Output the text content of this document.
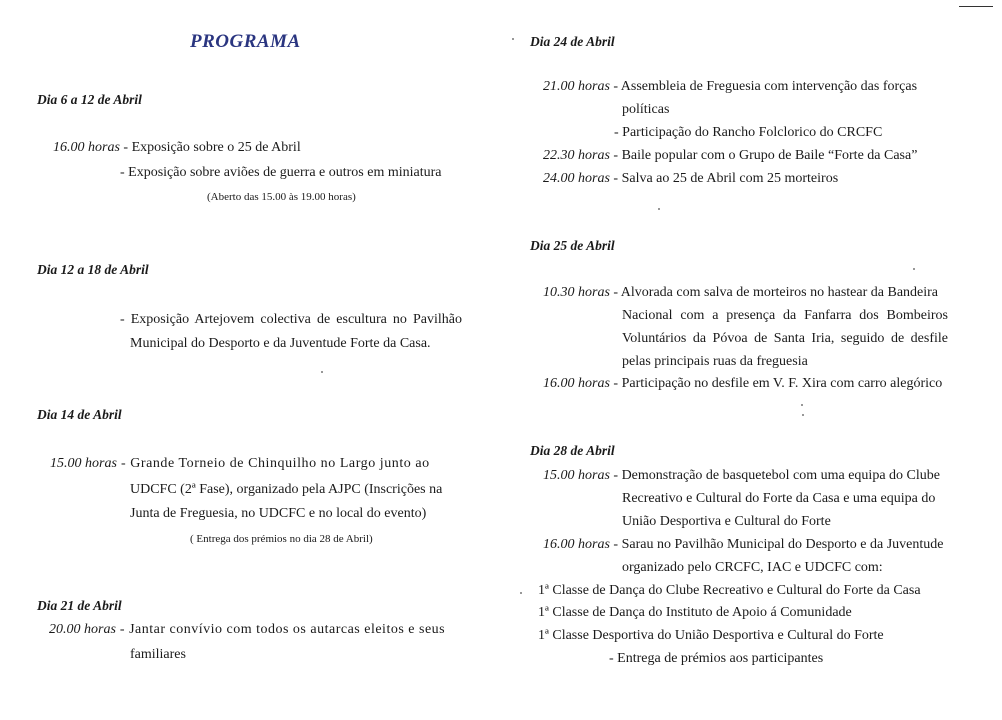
PROGRAMA
Dia 6 a 12 de Abril
16.00 horas - Exposição sobre o 25 de Abril
- Exposição sobre aviões de guerra e outros em miniatura
(Aberto das 15.00 às 19.00 horas)
Dia 12 a 18 de Abril
- Exposição Artejovem colectiva de escultura no Pavilhão
Municipal do Desporto e da Juventude Forte da Casa.
Dia 14 de Abril
15.00 horas - Grande Torneio de Chinquilho no Largo junto ao
UDCFC (2ª Fase), organizado pela AJPC (Inscrições na
Junta de Freguesia, no UDCFC e no local do evento)
( Entrega dos prémios no dia 28 de Abril)
Dia 21 de Abril
20.00 horas - Jantar convívio com todos os autarcas eleitos e seus
familiares
Dia 24 de Abril
21.00 horas - Assembleia de Freguesia com intervenção das forças
políticas
- Participação do Rancho Folclorico do CRCFC
22.30 horas - Baile popular com o Grupo de Baile “Forte da Casa”
24.00 horas - Salva ao 25 de Abril com 25 morteiros
Dia 25 de Abril
10.30 horas - Alvorada com salva de morteiros no hastear da Bandeira
Nacional com a presença da Fanfarra dos Bombeiros
Voluntários da Póvoa de Santa Iria, seguido de desfile
pelas principais ruas da freguesia
16.00 horas - Participação no desfile em V. F. Xira com carro alegórico
Dia 28 de Abril
15.00 horas - Demonstração de basquetebol com uma equipa do Clube
Recreativo e Cultural do Forte da Casa e uma equipa do
União Desportiva e Cultural do Forte
16.00 horas - Sarau no Pavilhão Municipal do Desporto e da Juventude
organizado pelo CRCFC, IAC e UDCFC com:
1ª Classe de Dança do Clube Recreativo e Cultural do Forte da Casa
1ª Classe de Dança do Instituto de Apoio á Comunidade
1ª Classe Desportiva do União Desportiva e Cultural do Forte
- Entrega de prémios aos participantes
